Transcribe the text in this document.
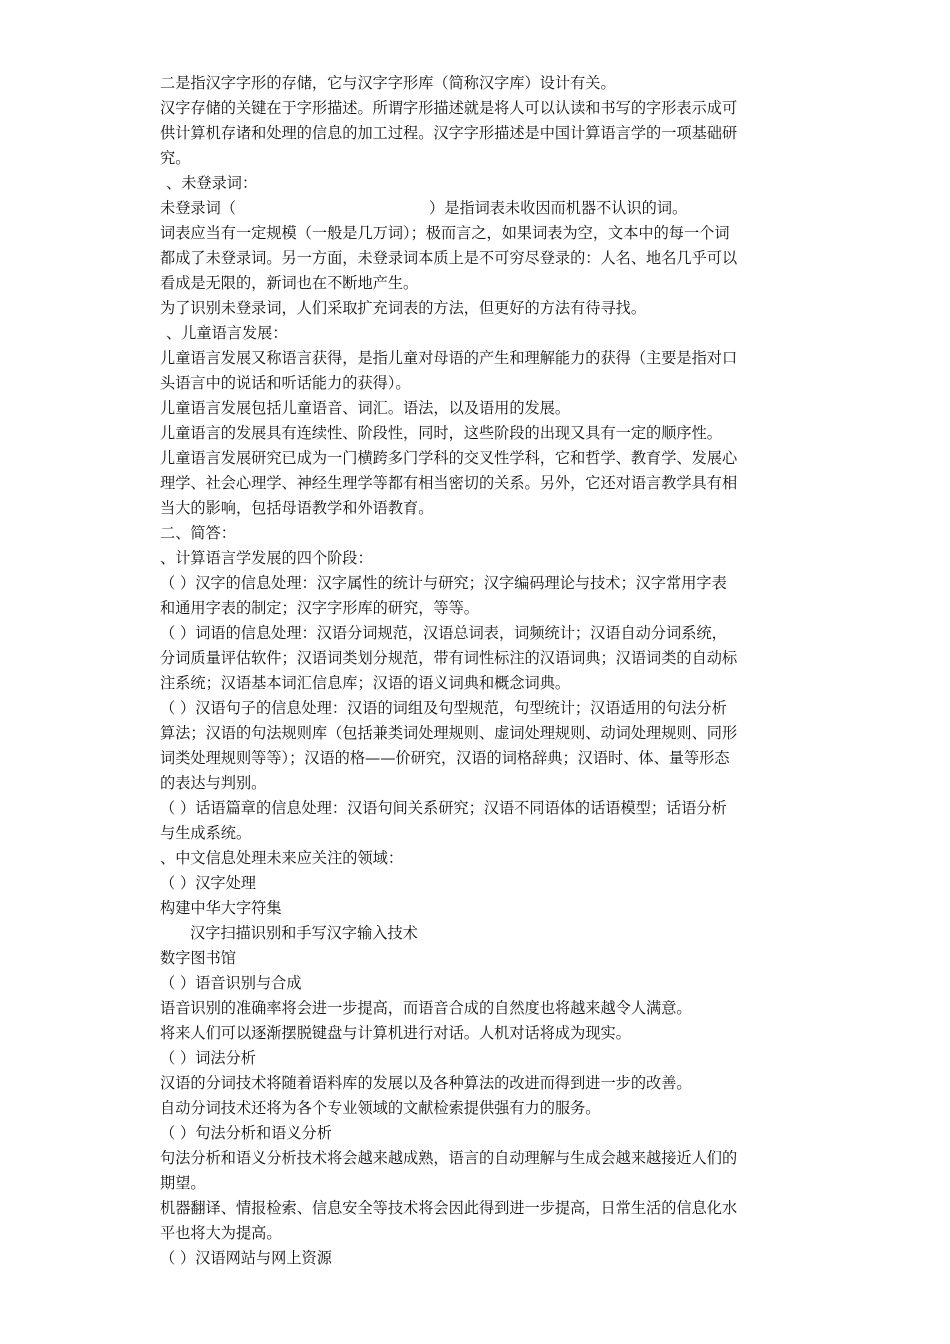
二是指汉字字形的存储，它与汉字字形库（简称汉字库）设计有关。
汉字存储的关键在于字形描述。所谓字形描述就是将人可以认读和书写的字形表示成可
供计算机存诸和处理的信息的加工过程。汉字字形描述是中国计算语言学的一项基础研
究。
、未登录词：
未登录词（                                        ）是指词表未收因而机器不认识的词。
词表应当有一定规模（一般是几万词）；极而言之，如果词表为空，文本中的每一个词
都成了未登录词。另一方面，未登录词本质上是不可穷尽登录的：人名、地名几乎可以
看成是无限的，新词也在不断地产生。
为了识别未登录词，人们采取扩充词表的方法，但更好的方法有待寻找。
、儿童语言发展：
儿童语言发展又称语言获得，是指儿童对母语的产生和理解能力的获得（主要是指对口
头语言中的说话和听话能力的获得）。
儿童语言发展包括儿童语音、词汇。语法，以及语用的发展。
儿童语言的发展具有连续性、阶段性，同时，这些阶段的出现又具有一定的顺序性。
儿童语言发展研究已成为一门横跨多门学科的交叉性学科，它和哲学、教育学、发展心
理学、社会心理学、神经生理学等都有相当密切的关系。另外，它还对语言教学具有相
当大的影响，包括母语教学和外语教育。
二、简答：
、计算语言学发展的四个阶段：
（ ）汉字的信息处理：汉字属性的统计与研究；汉字编码理论与技术；汉字常用字表
和通用字表的制定；汉字字形库的研究，等等。
（ ）词语的信息处理：汉语分词规范，汉语总词表，词频统计；汉语自动分词系统，
分词质量评估软件；汉语词类划分规范，带有词性标注的汉语词典；汉语词类的自动标
注系统；汉语基本词汇信息库；汉语的语义词典和概念词典。
（ ）汉语句子的信息处理：汉语的词组及句型规范，句型统计；汉语适用的句法分析
算法；汉语的句法规则库（包括兼类词处理规则、虚词处理规则、动词处理规则、同形
词类处理规则等等）；汉语的格——价研究，汉语的词格辞典；汉语时、体、量等形态
的表达与判别。
（ ）话语篇章的信息处理：汉语句间关系研究；汉语不同语体的话语模型；话语分析
与生成系统。
、中文信息处理未来应关注的领域：
（ ）汉字处理
构建中华大字符集
汉字扫描识别和手写汉字输入技术
数字图书馆
（ ）语音识别与合成
语音识别的准确率将会进一步提高，而语音合成的自然度也将越来越令人满意。
将来人们可以逐渐摆脱键盘与计算机进行对话。人机对话将成为现实。
（ ）词法分析
汉语的分词技术将随着语料库的发展以及各种算法的改进而得到进一步的改善。
自动分词技术还将为各个专业领域的文献检索提供强有力的服务。
（ ）句法分析和语义分析
句法分析和语义分析技术将会越来越成熟，语言的自动理解与生成会越来越接近人们的
期望。
机器翻译、情报检索、信息安全等技术将会因此得到进一步提高，日常生活的信息化水
平也将大为提高。
（ ）汉语网站与网上资源
